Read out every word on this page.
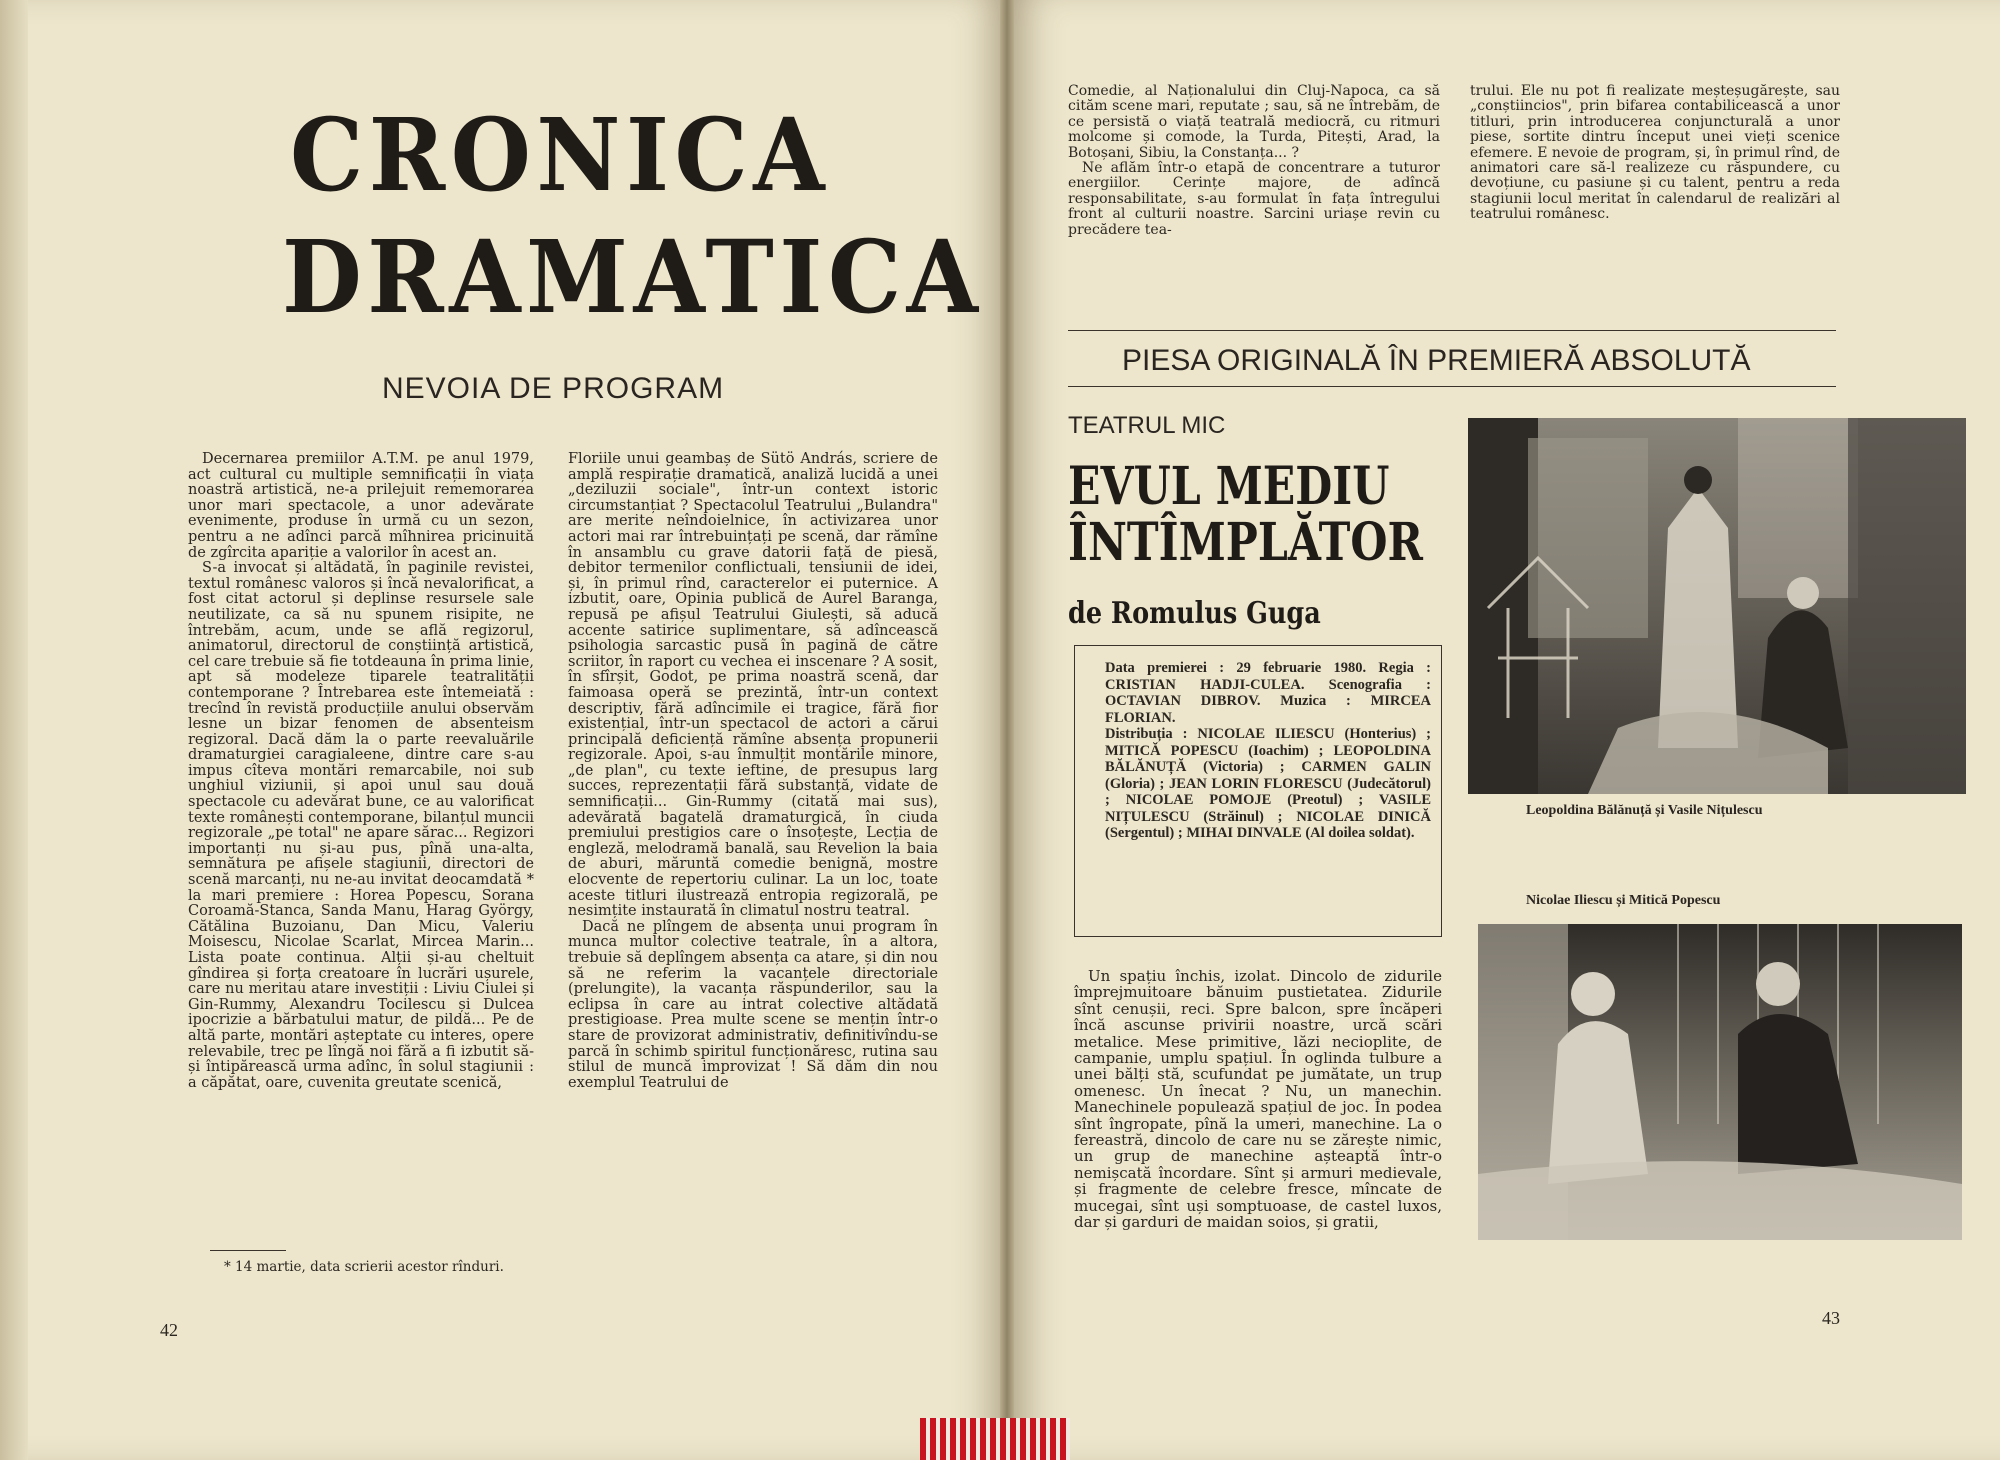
CRONICA
DRAMATICA
NEVOIA DE PROGRAM

Decernarea premiilor A.T.M. pe anul 1979, act cultural cu multiple semnificații în viața noastră artistică, ne-a prilejuit rememorarea unor mari spectacole, a unor adevărate evenimente, produse în urmă cu un sezon, pentru a ne adînci parcă mîhnirea pricinuită de zgîrcita apariție a valorilor în acest an.

S-a invocat și altădată, în paginile revistei, textul românesc valoros și încă nevalorificat, a fost citat actorul și deplinse resursele sale neutilizate, ca să nu spunem risipite, ne întrebăm, acum, unde se află regizorul, animatorul, directorul de conștiință artistică, cel care trebuie să fie totdeauna în prima linie, apt să modeleze tiparele teatralității contemporane ? Întrebarea este întemeiată : trecînd în revistă producțiile anului observăm lesne un bizar fenomen de absenteism regizoral. Dacă dăm la o parte reevaluările dramaturgiei caragialeene, dintre care s-au impus cîteva montări remarcabile, noi sub unghiul viziunii, și apoi unul sau două spectacole cu adevărat bune, ce au valorificat texte românești contemporane, bilanțul muncii regizorale „pe total" ne apare sărac... Regizori importanți nu și-au pus, pînă una-alta, semnătura pe afișele stagiunii, directori de scenă marcanți, nu ne-au invitat deocamdată * la mari premiere : Horea Popescu, Sorana Coroamă-Stanca, Sanda Manu, Harag György, Cătălina Buzoianu, Dan Micu, Valeriu Moisescu, Nicolae Scarlat, Mircea Marin... Lista poate continua. Alții și-au cheltuit gîndirea și forța creatoare în lucrări ușurele, care nu meritau atare investiții : Liviu Ciulei și Gin-Rummy, Alexandru Tocilescu și Dulcea ipocrizie a bărbatului matur, de pildă... Pe de altă parte, montări așteptate cu interes, opere relevabile, trec pe lîngă noi fără a fi izbutit să-și întipărească urma adînc, în solul stagiunii : a căpătat, oare, cuvenita greutate scenică,

* 14 martie, data scrierii acestor rînduri.

Floriile unui geambaș de Sütö András, scriere de amplă respirație dramatică, analiză lucidă a unei „deziluzii sociale", într-un context istoric circumstanțiat ? Spectacolul Teatrului „Bulandra" are merite neîndoielnice, în activizarea unor actori mai rar întrebuințați pe scenă, dar rămîne în ansamblu cu grave datorii față de piesă, debitor termenilor conflictuali, tensiunii de idei, și, în primul rînd, caracterelor ei puternice. A izbutit, oare, Opinia publică de Aurel Baranga, repusă pe afișul Teatrului Giulești, să aducă accente satirice suplimentare, să adîncească psihologia sarcastic pusă în pagină de către scriitor, în raport cu vechea ei inscenare ? A sosit, în sfîrșit, Godot, pe prima noastră scenă, dar faimoasa operă se prezintă, într-un context descriptiv, fără adîncimile ei tragice, fără fior existențial, într-un spectacol de actori a cărui principală deficiență rămîne absența propunerii regizorale. Apoi, s-au înmulțit montările minore, „de plan", cu texte ieftine, de presupus larg succes, reprezentații fără substanță, vidate de semnificații... Gin-Rummy (citată mai sus), adevărată bagatelă dramaturgică, în ciuda premiului prestigios care o însoțește, Lecția de engleză, melodramă banală, sau Revelion la baia de aburi, măruntă comedie benignă, mostre elocvente de repertoriu culinar. La un loc, toate aceste titluri ilustrează entropia regizorală, pe nesimțite instaurată în climatul nostru teatral.

Dacă ne plîngem de absența unui program în munca multor colective teatrale, în a altora, trebuie să deplîngem absența ca atare, și din nou să ne referim la vacanțele directoriale (prelungite), la vacanța răspunderilor, sau la eclipsa în care au intrat colective altădată prestigioase. Prea multe scene se mențin într-o stare de provizorat administrativ, definitivîndu-se parcă în schimb spiritul funcționăresc, rutina sau stilul de muncă improvizat ! Să dăm din nou exemplul Teatrului de

42

Comedie, al Naționalului din Cluj-Napoca, ca să cităm scene mari, reputate ; sau, să ne întrebăm, de ce persistă o viață teatrală mediocră, cu ritmuri molcome și comode, la Turda, Pitești, Arad, la Botoșani, Sibiu, la Constanța... ?

Ne aflăm într-o etapă de concentrare a tuturor energiilor. Cerințe majore, de adîncă responsabilitate, s-au formulat în fața întregului front al culturii noastre. Sarcini uriașe revin cu precădere tea-

trului. Ele nu pot fi realizate meșteșugărește, sau „conștiincios", prin bifarea contabilicească a unor titluri, prin introducerea conjuncturală a unor piese, sortite dintru început unei vieți scenice efemere. E nevoie de program, și, în primul rînd, de animatori care să-l realizeze cu răspundere, cu devoțiune, cu pasiune și cu talent, pentru a reda stagiunii locul meritat în calendarul de realizări al teatrului românesc.

PIESA ORIGINALĂ ÎN PREMIERĂ ABSOLUTĂ
TEATRUL MIC
EVUL MEDIU
ÎNTÎMPLĂTOR
de Romulus Guga

Data premierei : 29 februarie 1980. Regia : CRISTIAN HADJI-CULEA. Scenografia : OCTAVIAN DIBROV. Muzica : MIRCEA FLORIAN.

Distribuția : NICOLAE ILIESCU (Honterius) ; MITICĂ POPESCU (Ioachim) ; LEOPOLDINA BĂLĂNUȚĂ (Victoria) ; CARMEN GALIN (Gloria) ; JEAN LORIN FLORESCU (Judecătorul) ; NICOLAE POMOJE (Preotul) ; VASILE NIȚULESCU (Străinul) ; NICOLAE DINICĂ (Sergentul) ; MIHAI DINVALE (Al doilea soldat).

Un spațiu închis, izolat. Dincolo de zidurile împrejmuitoare bănuim pustietatea. Zidurile sînt cenușii, reci. Spre balcon, spre încăperi încă ascunse privirii noastre, urcă scări metalice. Mese primitive, lăzi necioplite, de campanie, umplu spațiul. În oglinda tulbure a unei bălți stă, scufundat pe jumătate, un trup omenesc. Un înecat ? Nu, un manechin. Manechinele populează spațiul de joc. În podea sînt îngropate, pînă la umeri, manechine. La o fereastră, dincolo de care nu se zărește nimic, un grup de manechine așteaptă într-o nemișcată încordare. Sînt și armuri medievale, și fragmente de celebre fresce, mîncate de mucegai, sînt uși somptuoase, de castel luxos, dar și garduri de maidan soios, și gratii,

Leopoldina Bălănuță și Vasile Nițulescu
Nicolae Iliescu și Mitică Popescu
43
